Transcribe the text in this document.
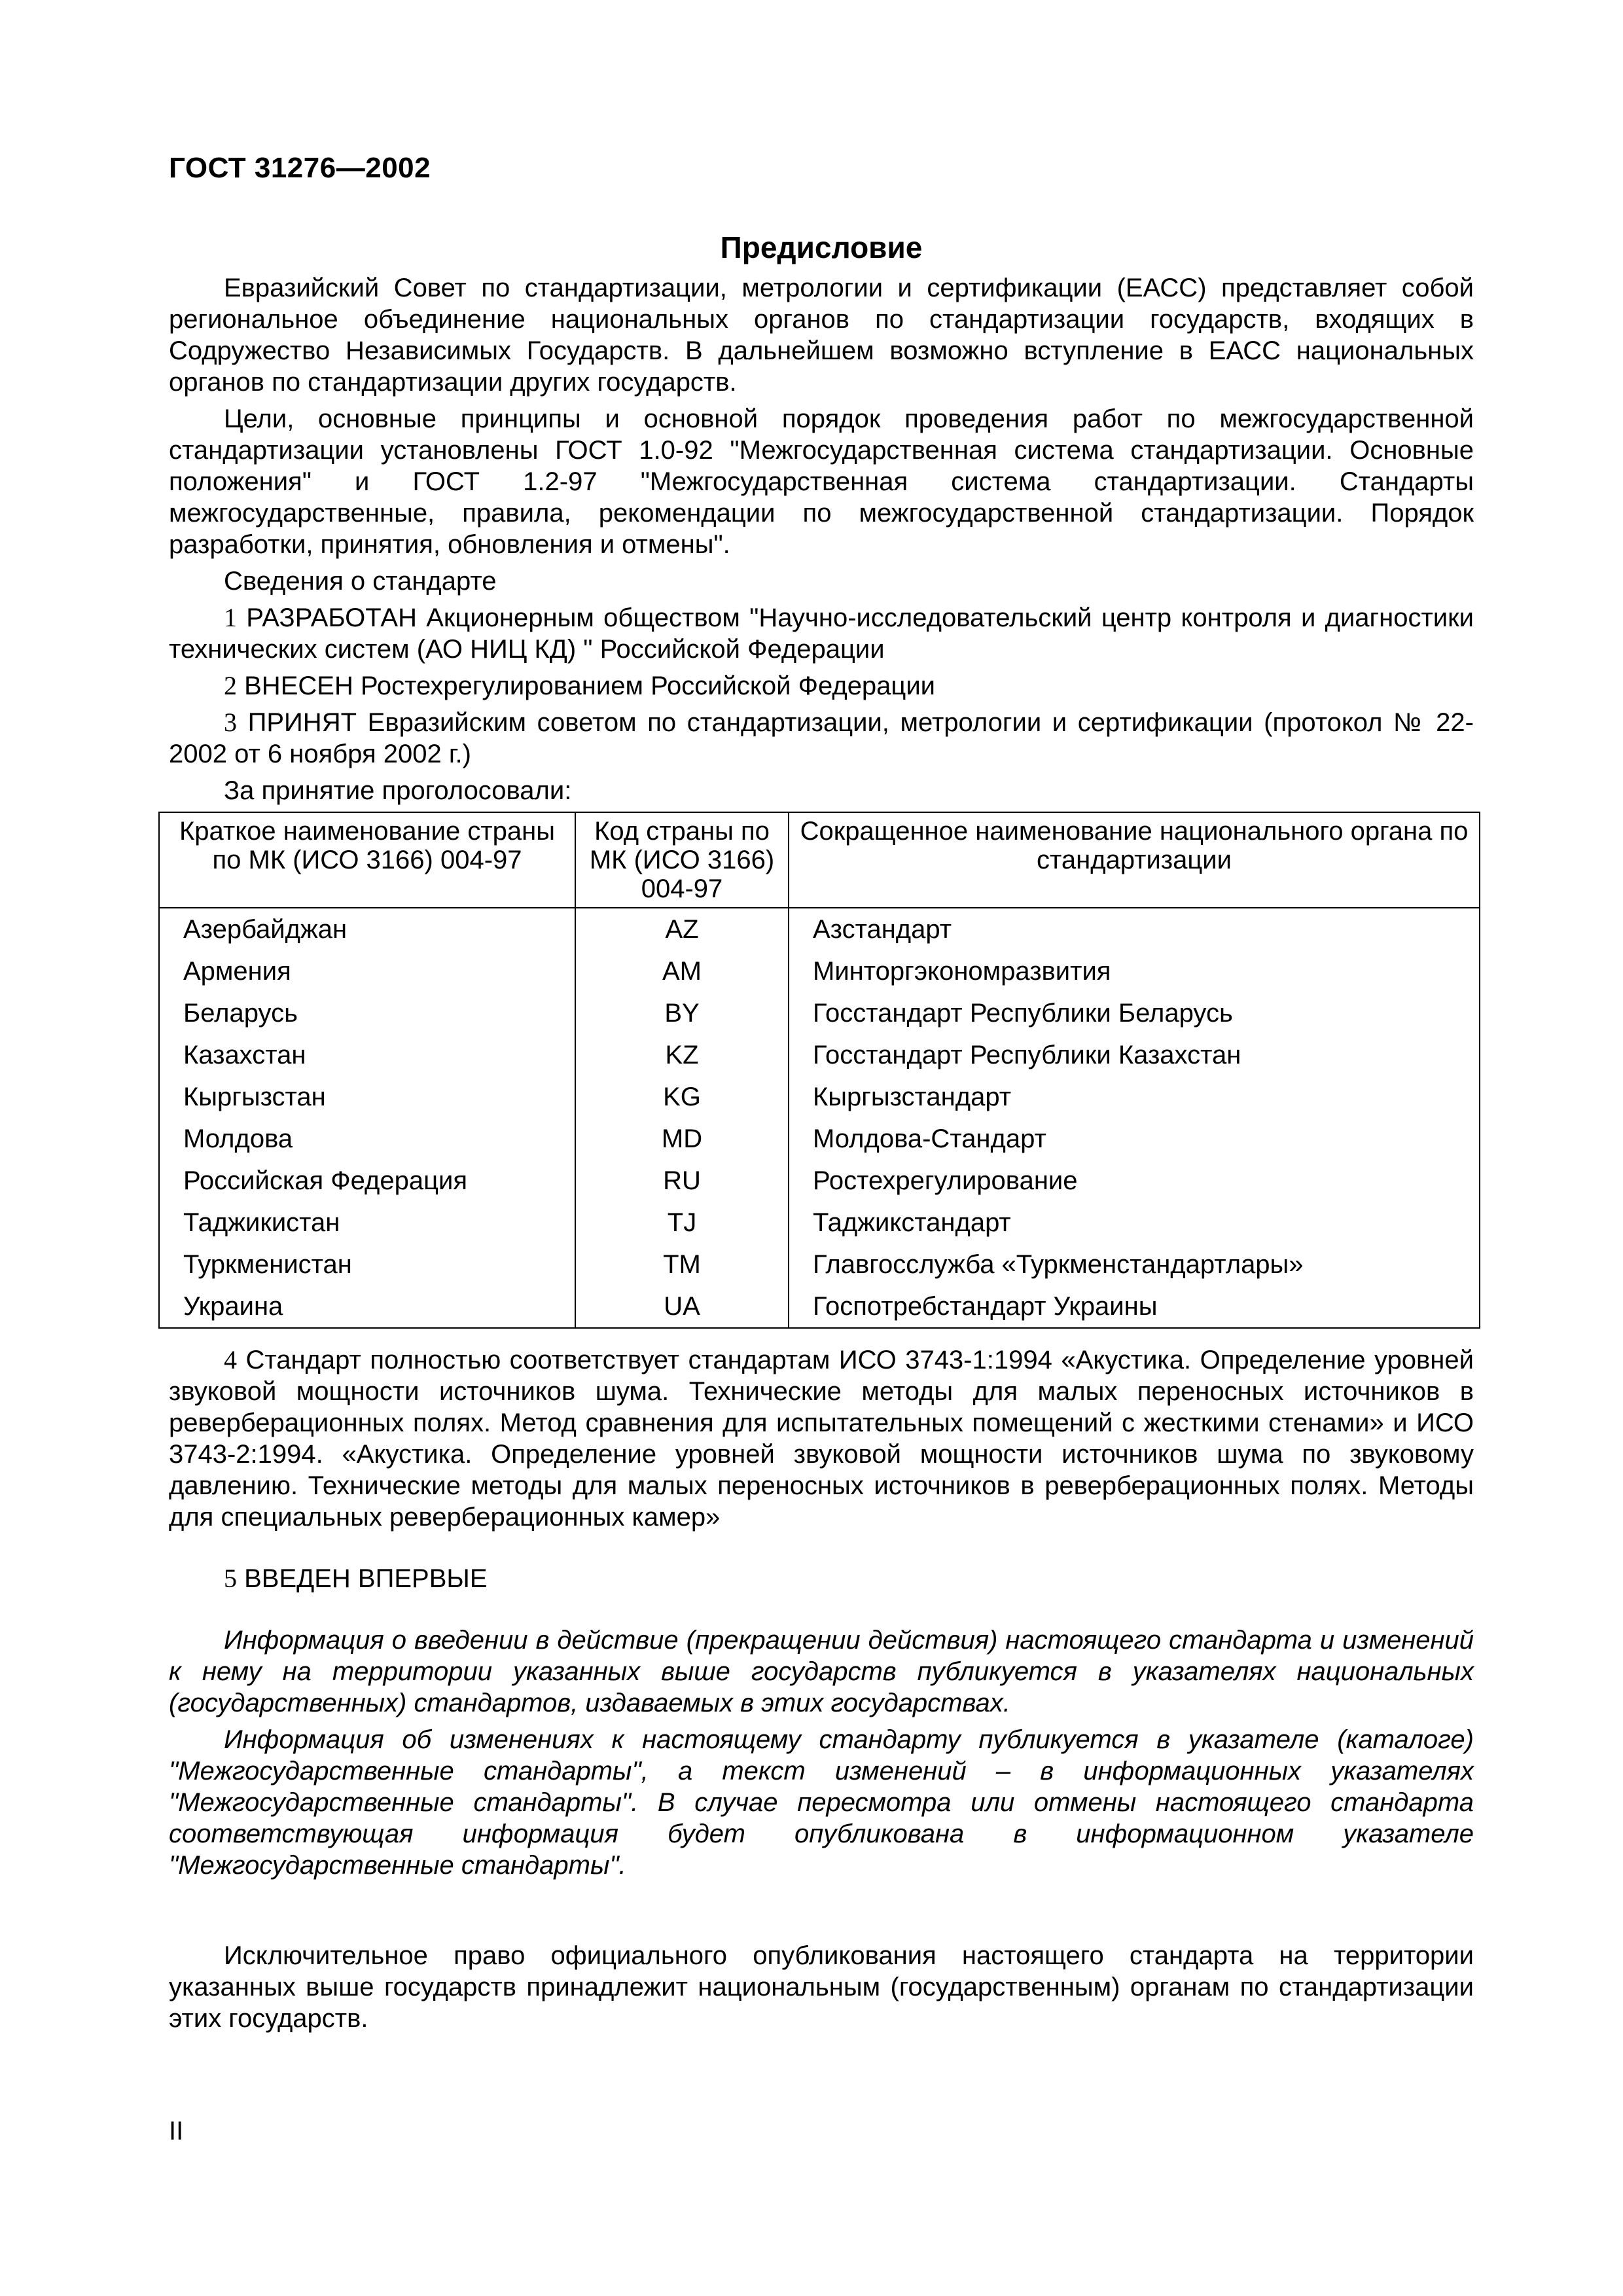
ГОСТ 31276—2002
Предисловие

Евразийский Совет по стандартизации, метрологии и сертификации (ЕАСС) представляет собой региональное объединение национальных органов по стандартизации государств, входящих в Содружество Независимых Государств. В дальнейшем возможно вступление в ЕАСС национальных органов по стандартизации других государств.

Цели, основные принципы и основной порядок проведения работ по межгосударственной стандартизации установлены ГОСТ 1.0-92 "Межгосударственная система стандартизации. Основные положения" и ГОСТ 1.2-97 "Межгосударственная система стандартизации. Стандарты межгосударственные, правила, рекомендации по межгосударственной стандартизации. Порядок разработки, принятия, обновления и отмены".

Сведения о стандарте

1 РАЗРАБОТАН Акционерным обществом "Научно-исследовательский центр контроля и диагностики технических систем (АО НИЦ КД) " Российской Федерации

2 ВНЕСЕН Ростехрегулированием Российской Федерации

3 ПРИНЯТ Евразийским советом по стандартизации, метрологии и сертификации (протокол № 22-2002 от 6 ноября 2002 г.)

За принятие проголосовали:

Краткое наименование страны по МК (ИСО 3166) 004-97	Код страны по МК (ИСО 3166) 004-97	Сокращенное наименование национального органа по стандартизации
Азербайджан	AZ	Азстандарт
Армения	AM	Минторгэкономразвития
Беларусь	BY	Госстандарт Республики Беларусь
Казахстан	KZ	Госстандарт Республики Казахстан
Кыргызстан	KG	Кыргызстандарт
Молдова	MD	Молдова-Стандарт
Российская Федерация	RU	Ростехрегулирование
Таджикистан	TJ	Таджикстандарт
Туркменистан	TM	Главгосслужба «Туркменстандартлары»
Украина	UA	Госпотребстандарт Украины

4 Стандарт полностью соответствует стандартам ИСО 3743-1:1994 «Акустика. Определение уровней звуковой мощности источников шума. Технические методы для малых переносных источников в реверберационных полях. Метод сравнения для испытательных помещений с жесткими стенами» и ИСО 3743-2:1994. «Акустика. Определение уровней звуковой мощности источников шума по звуковому давлению. Технические методы для малых переносных источников в реверберационных полях. Методы для специальных реверберационных камер»

5 ВВЕДЕН ВПЕРВЫЕ

Информация о введении в действие (прекращении действия) настоящего стандарта и изменений к нему на территории указанных выше государств публикуется в указателях национальных (государственных) стандартов, издаваемых в этих государствах.

Информация об изменениях к настоящему стандарту публикуется в указателе (каталоге) "Межгосударственные стандарты", а текст изменений – в информационных указателях "Межгосударственные стандарты". В случае пересмотра или отмены настоящего стандарта соответствующая информация будет опубликована в информационном указателе "Межгосударственные стандарты".

Исключительное право официального опубликования настоящего стандарта на территории указанных выше государств принадлежит национальным (государственным) органам по стандартизации этих государств.

II
